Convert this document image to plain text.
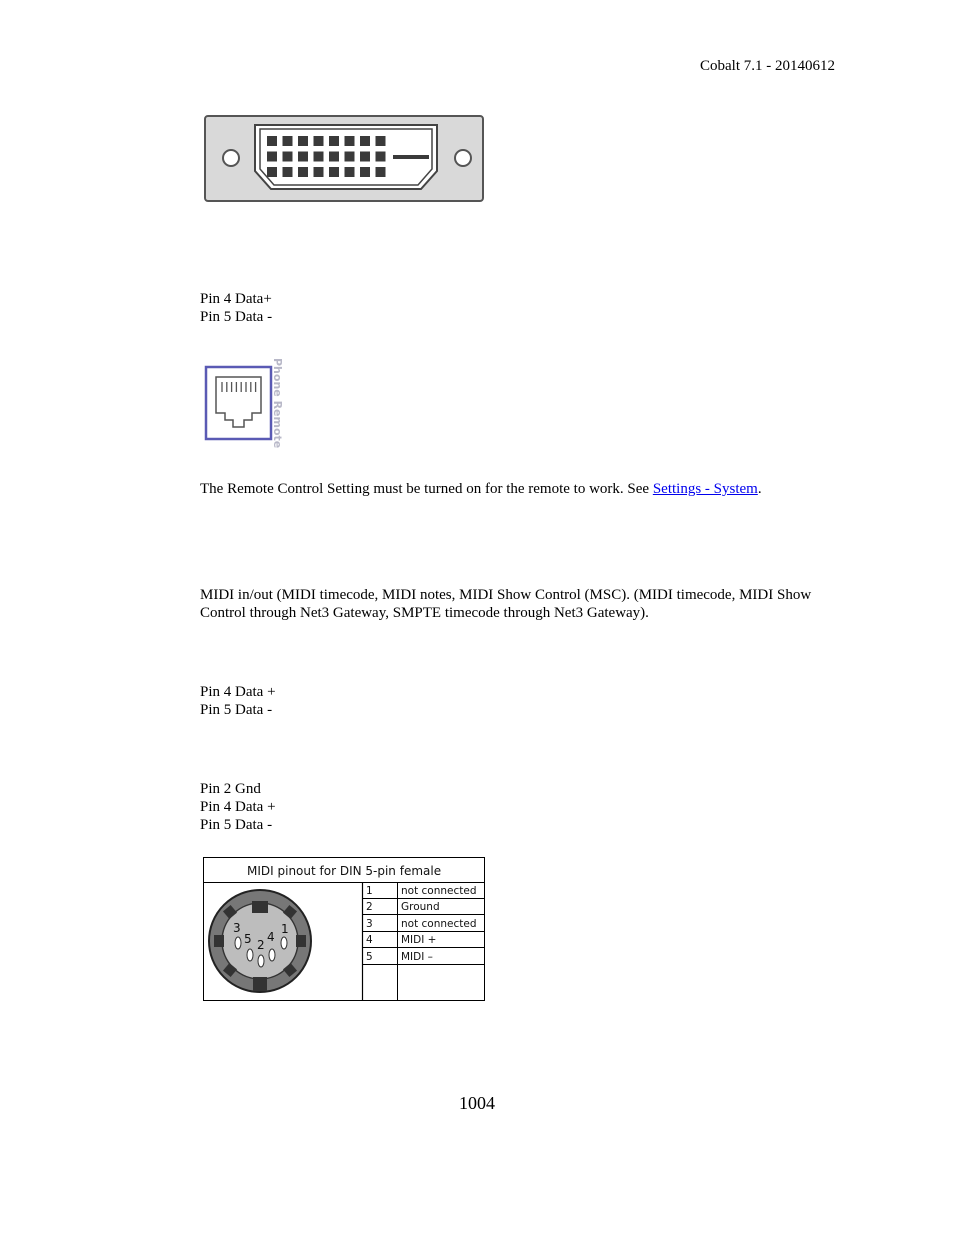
Cobalt 7.1 - 20140612
Pin 4 Data+
Pin 5 Data -
Phone Remote
The Remote Control Setting must be turned on for the remote to work. See Settings - System.
MIDI in/out (MIDI timecode, MIDI notes, MIDI Show Control (MSC). (MIDI timecode, MIDI Show
Control through Net3 Gateway, SMPTE timecode through Net3 Gateway).
Pin 4 Data +
Pin 5 Data -
Pin 2 Gnd
Pin 4 Data +
Pin 5 Data -
3
5 2
4
1
MIDI pinout for DIN 5-pin female
1	not connected
2	Ground
3	not connected
4	MIDI +
5	MIDI –
1004
